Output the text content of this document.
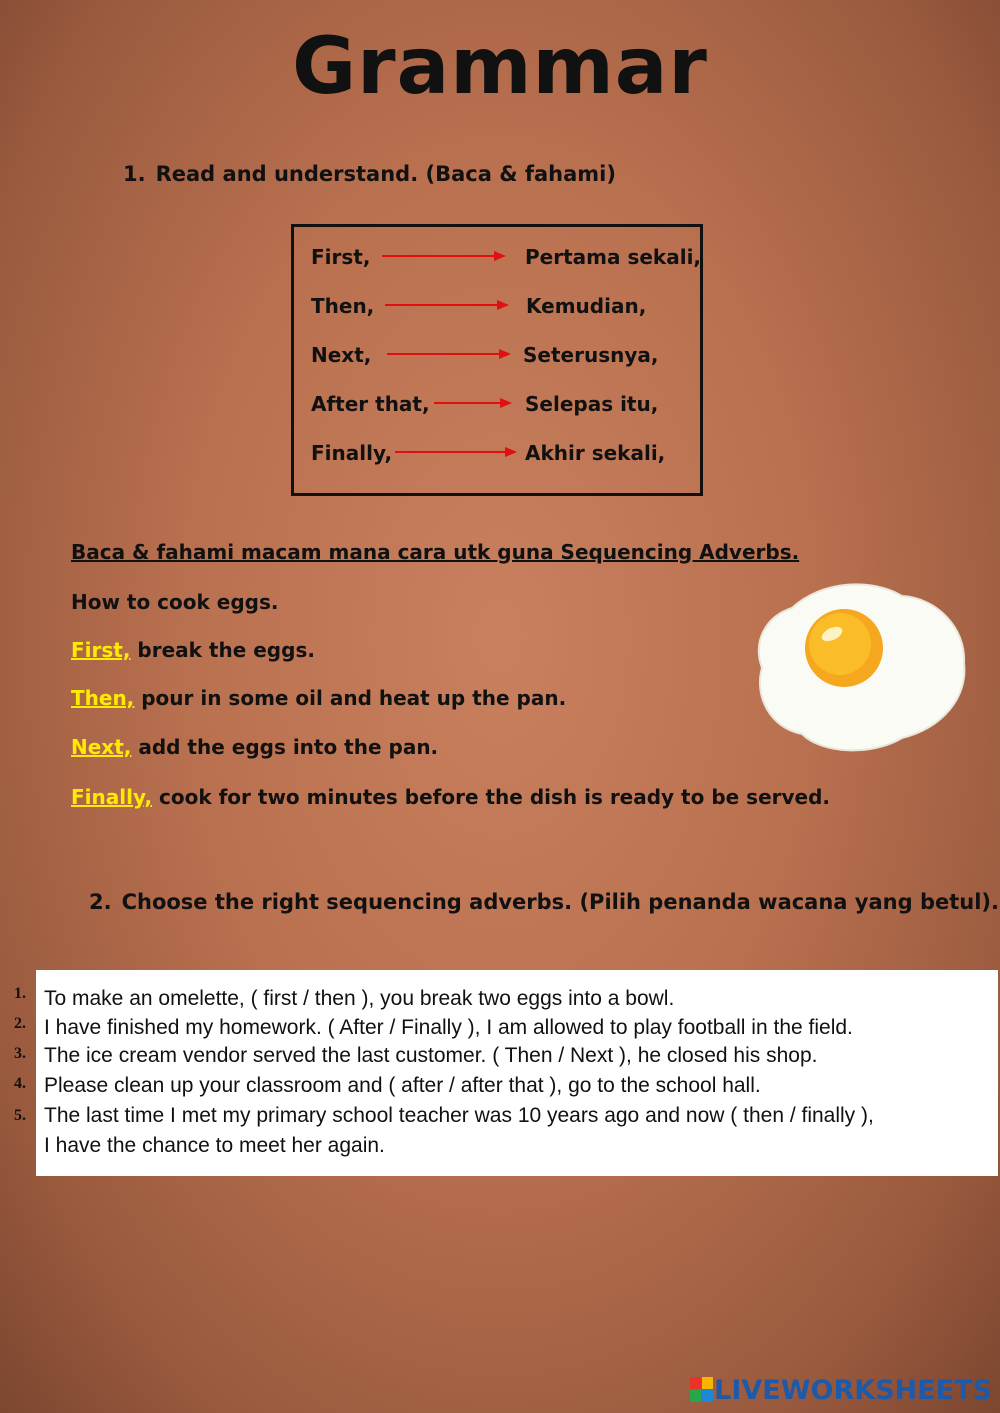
Grammar
1. Read and understand. (Baca & fahami)
First,	Pertama sekali,
Then,	Kemudian,
Next,	Seterusnya,
After that,	Selepas itu,
Finally,	Akhir sekali,
Baca & fahami macam mana cara utk guna Sequencing Adverbs.
How to cook eggs.
First, break the eggs.
Then, pour in some oil and heat up the pan.
Next, add the eggs into the pan.
Finally, cook for two minutes before the dish is ready to be served.
2. Choose the right sequencing adverbs. (Pilih penanda wacana yang betul).
1.
2.
3.
4.
5.
To make an omelette, ( first / then ), you break two eggs into a bowl.
I have finished my homework. ( After / Finally ), I am allowed to play football in the field.
The ice cream vendor served the last customer. ( Then / Next ), he closed his shop.
Please clean up your classroom and ( after / after that ), go to the school hall.
The last time I met my primary school teacher was 10 years ago and now ( then / finally ),
I have the chance to meet her again.
LIVEWORKSHEETS
